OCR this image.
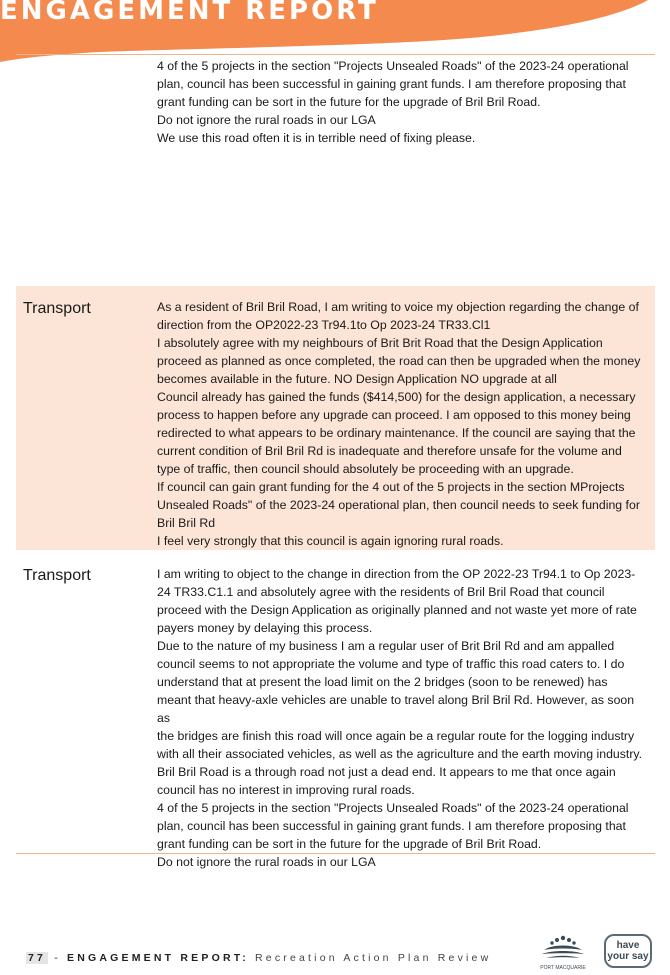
ENGAGEMENT REPORT

4 of the 5 projects in the section "Projects Unsealed Roads" of the 2023-24 operational

plan, council has been successful in gaining grant funds. I am therefore proposing that

grant funding can be sort in the future for the upgrade of Bril Bril Road.

Do not ignore the rural roads in our LGA

We use this road often it is in terrible need of fixing please.

Transport	As a resident of Bril Bril Road, I am writing to voice my objection regarding the change of

direction from the OP2022-23 Tr94.1to Op 2023-24 TR33.Cl1

I absolutely agree with my neighbours of Brit Brit Road that the Design Application

proceed as planned as once completed, the road can then be upgraded when the money

becomes available in the future. NO Design Application NO upgrade at all

Council already has gained the funds ($414,500) for the design application, a necessary

process to happen before any upgrade can proceed. I am opposed to this money being

redirected to what appears to be ordinary maintenance. If the council are saying that the

current condition of Bril Bril Rd is inadequate and therefore unsafe for the volume and

type of traffic, then council should absolutely be proceeding with an upgrade.

If council can gain grant funding for the 4 out of the 5 projects in the section MProjects

Unsealed Roads" of the 2023-24 operational plan, then council needs to seek funding for

Bril Bril Rd

I feel very strongly that this council is again ignoring rural roads.

Transport	I am writing to object to the change in direction from the OP 2022-23 Tr94.1 to Op 2023-

24 TR33.C1.1 and absolutely agree with the residents of Bril Bril Road that council

proceed with the Design Application as originally planned and not waste yet more of rate

payers money by delaying this process.

Due to the nature of my business I am a regular user of Brit Bril Rd and am appalled

council seems to not appropriate the volume and type of traffic this road caters to. I do

understand that at present the load limit on the 2 bridges (soon to be renewed) has

meant that heavy-axle vehicles are unable to travel along Bril Bril Rd. However, as soon as

the bridges are finish this road will once again be a regular route for the logging industry

with all their associated vehicles, as well as the agriculture and the earth moving industry.

Bril Bril Road is a through road not just a dead end. It appears to me that once again

council has no interest in improving rural roads.

4 of the 5 projects in the section "Projects Unsealed Roads" of the 2023-24 operational

plan, council has been successful in gaining grant funds. I am therefore proposing that

grant funding can be sort in the future for the upgrade of Bril Brit Road.

Do not ignore the rural roads in our LGA

77 - ENGAGEMENT REPORT: Recreation Action Plan Review
PORT MACQUARIE
have
your say
